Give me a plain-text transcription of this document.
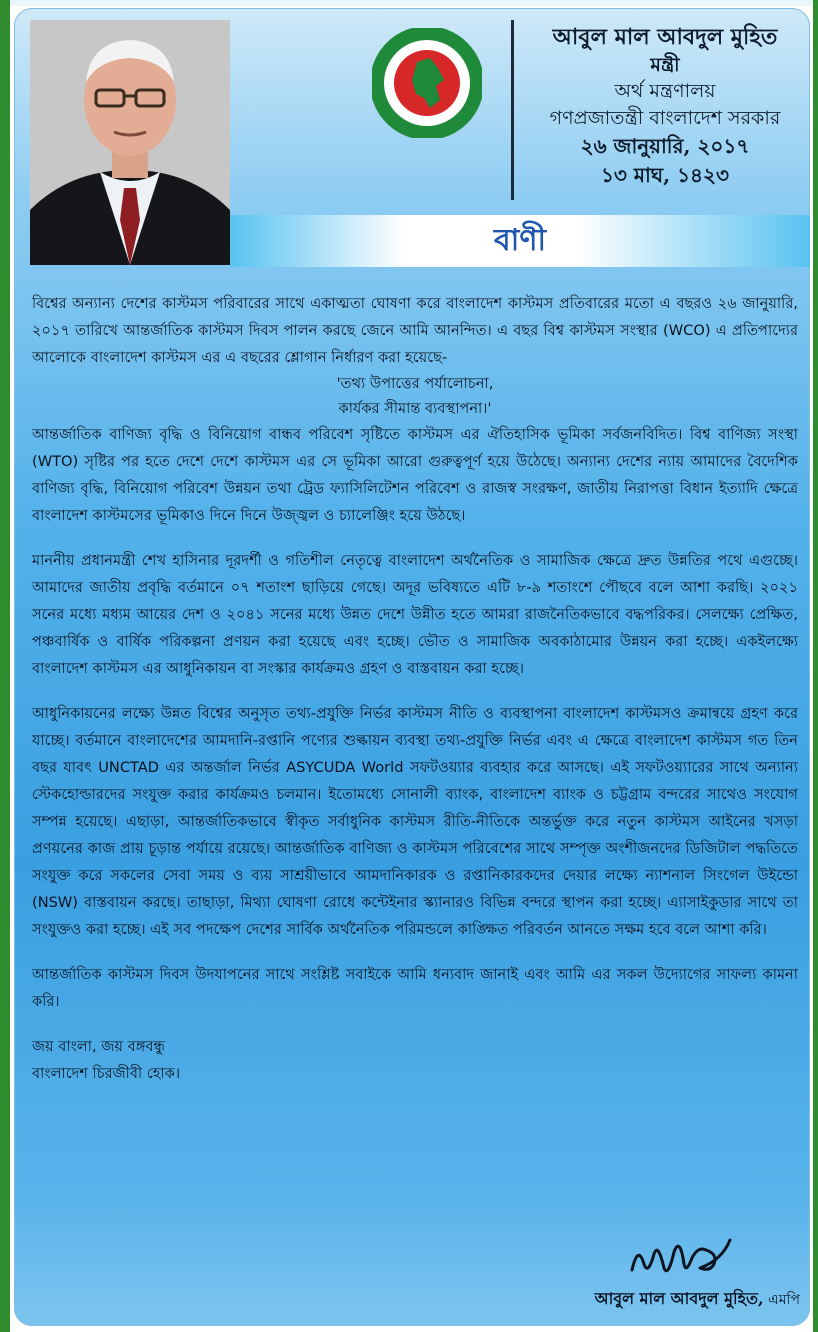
আবুল মাল আবদুল মুহিত
মন্ত্রী
অর্থ মন্ত্রণালয়
গণপ্রজাতন্ত্রী বাংলাদেশ সরকার
২৬ জানুয়ারি, ২০১৭
১৩ মাঘ, ১৪২৩
বাণী

বিশ্বের অন্যান্য দেশের কাস্টমস পরিবারের সাথে একাত্মতা ঘোষণা করে বাংলাদেশ কাস্টমস প্রতিবারের মতো এ বছরও ২৬ জানুয়ারি, ২০১৭ তারিখে আন্তর্জাতিক কাস্টমস দিবস পালন করছে জেনে আমি আনন্দিত। এ বছর বিশ্ব কাস্টমস সংস্থার (WCO) এ প্রতিপাদ্যের আলোকে বাংলাদেশ কাস্টমস এর এ বছরের শ্লোগান নির্ধারণ করা হয়েছে-

'তথ্য উপাত্তের পর্যালোচনা,
কার্যকর সীমান্ত ব্যবস্থাপনা।'

আন্তর্জাতিক বাণিজ্য বৃদ্ধি ও বিনিয়োগ বান্ধব পরিবেশ সৃষ্টিতে কাস্টমস এর ঐতিহাসিক ভূমিকা সর্বজনবিদিত। বিশ্ব বাণিজ্য সংস্থা (WTO) সৃষ্টির পর হতে দেশে দেশে কাস্টমস এর সে ভূমিকা আরো গুরুত্বপূর্ণ হয়ে উঠেছে। অন্যান্য দেশের ন্যায় আমাদের বৈদেশিক বাণিজ্য বৃদ্ধি, বিনিয়োগ পরিবেশ উন্নয়ন তথা ট্রেড ফ্যাসিলিটেশন পরিবেশ ও রাজস্ব সংরক্ষণ, জাতীয় নিরাপত্তা বিধান ইত্যাদি ক্ষেত্রে বাংলাদেশ কাস্টমসের ভূমিকাও দিনে দিনে উজ্জ্বল ও চ্যালেঞ্জিং হয়ে উঠছে।

মাননীয় প্রধানমন্ত্রী শেখ হাসিনার দূরদর্শী ও গতিশীল নেতৃত্বে বাংলাদেশ অর্থনৈতিক ও সামাজিক ক্ষেত্রে দ্রুত উন্নতির পথে এগুচ্ছে। আমাদের জাতীয় প্রবৃদ্ধি বর্তমানে ০৭ শতাংশ ছাড়িয়ে গেছে। অদূর ভবিষ্যতে এটি ৮-৯ শতাংশে পৌছবে বলে আশা করছি। ২০২১ সনের মধ্যে মধ্যম আয়ের দেশ ও ২০৪১ সনের মধ্যে উন্নত দেশে উন্নীত হতে আমরা রাজনৈতিকভাবে বদ্ধপরিকর। সেলক্ষ্যে প্রেক্ষিত, পঞ্চবার্ষিক ও বার্ষিক পরিকল্পনা প্রণয়ন করা হয়েছে এবং হচ্ছে। ভৌত ও সামাজিক অবকাঠামোর উন্নয়ন করা হচ্ছে। একইলক্ষ্যে বাংলাদেশ কাস্টমস এর আধুনিকায়ন বা সংস্কার কার্যক্রমও গ্রহণ ও বাস্তবায়ন করা হচ্ছে।

আধুনিকায়নের লক্ষ্যে উন্নত বিশ্বের অনুসৃত তথ্য-প্রযুক্তি নির্ভর কাস্টমস নীতি ও ব্যবস্থাপনা বাংলাদেশ কাস্টমসও ক্রমান্বয়ে গ্রহণ করে যাচ্ছে। বর্তমানে বাংলাদেশের আমদানি-রপ্তানি পণ্যের শুল্কায়ন ব্যবস্থা তথ্য-প্রযুক্তি নির্ভর এবং এ ক্ষেত্রে বাংলাদেশ কাস্টমস গত তিন বছর যাবৎ UNCTAD এর অন্তর্জাল নির্ভর ASYCUDA World সফটওয়্যার ব্যবহার করে আসছে। এই সফটওয়্যারের সাথে অন্যান্য স্টেকহোল্ডারদের সংযুক্ত করার কার্যক্রমও চলমান। ইতোমধ্যে সোনালী ব্যাংক, বাংলাদেশ ব্যাংক ও চট্টগ্রাম বন্দরের সাথেও সংযোগ সম্পন্ন হয়েছে। এছাড়া, আন্তর্জাতিকভাবে স্বীকৃত সর্বাধুনিক কাস্টমস রীতি-নীতিকে অন্তর্ভুক্ত করে নতুন কাস্টমস আইনের খসড়া প্রণয়নের কাজ প্রায় চূড়ান্ত পর্যায়ে রয়েছে। আন্তর্জাতিক বাণিজ্য ও কাস্টমস পরিবেশের সাথে সম্পৃক্ত অংশীজনদের ডিজিটাল পদ্ধতিতে সংযুক্ত করে সকলের সেবা সময় ও ব্যয় সাশ্রয়ীভাবে আমদানিকারক ও রপ্তানিকারকদের দেয়ার লক্ষ্যে ন্যাশনাল সিংগেল উইন্ডো (NSW) বাস্তবায়ন করছে। তাছাড়া, মিথ্যা ঘোষণা রোধে কন্টেইনার স্ক্যানারও বিভিন্ন বন্দরে স্থাপন করা হচ্ছে। এ্যাসাইকুডার সাথে তা সংযুক্তও করা হচ্ছে। এই সব পদক্ষেপ দেশের সার্বিক অর্থনৈতিক পরিমন্ডলে কাঙ্ক্ষিত পরিবর্তন আনতে সক্ষম হবে বলে আশা করি।

আন্তর্জাতিক কাস্টমস দিবস উদযাপনের সাথে সংশ্লিষ্ট সবাইকে আমি ধন্যবাদ জানাই এবং আমি এর সকল উদ্যোগের সাফল্য কামনা করি।

জয় বাংলা, জয় বঙ্গবন্ধু
বাংলাদেশ চিরজীবী হোক।
আবুল মাল আবদুল মুহিত, এমপি
